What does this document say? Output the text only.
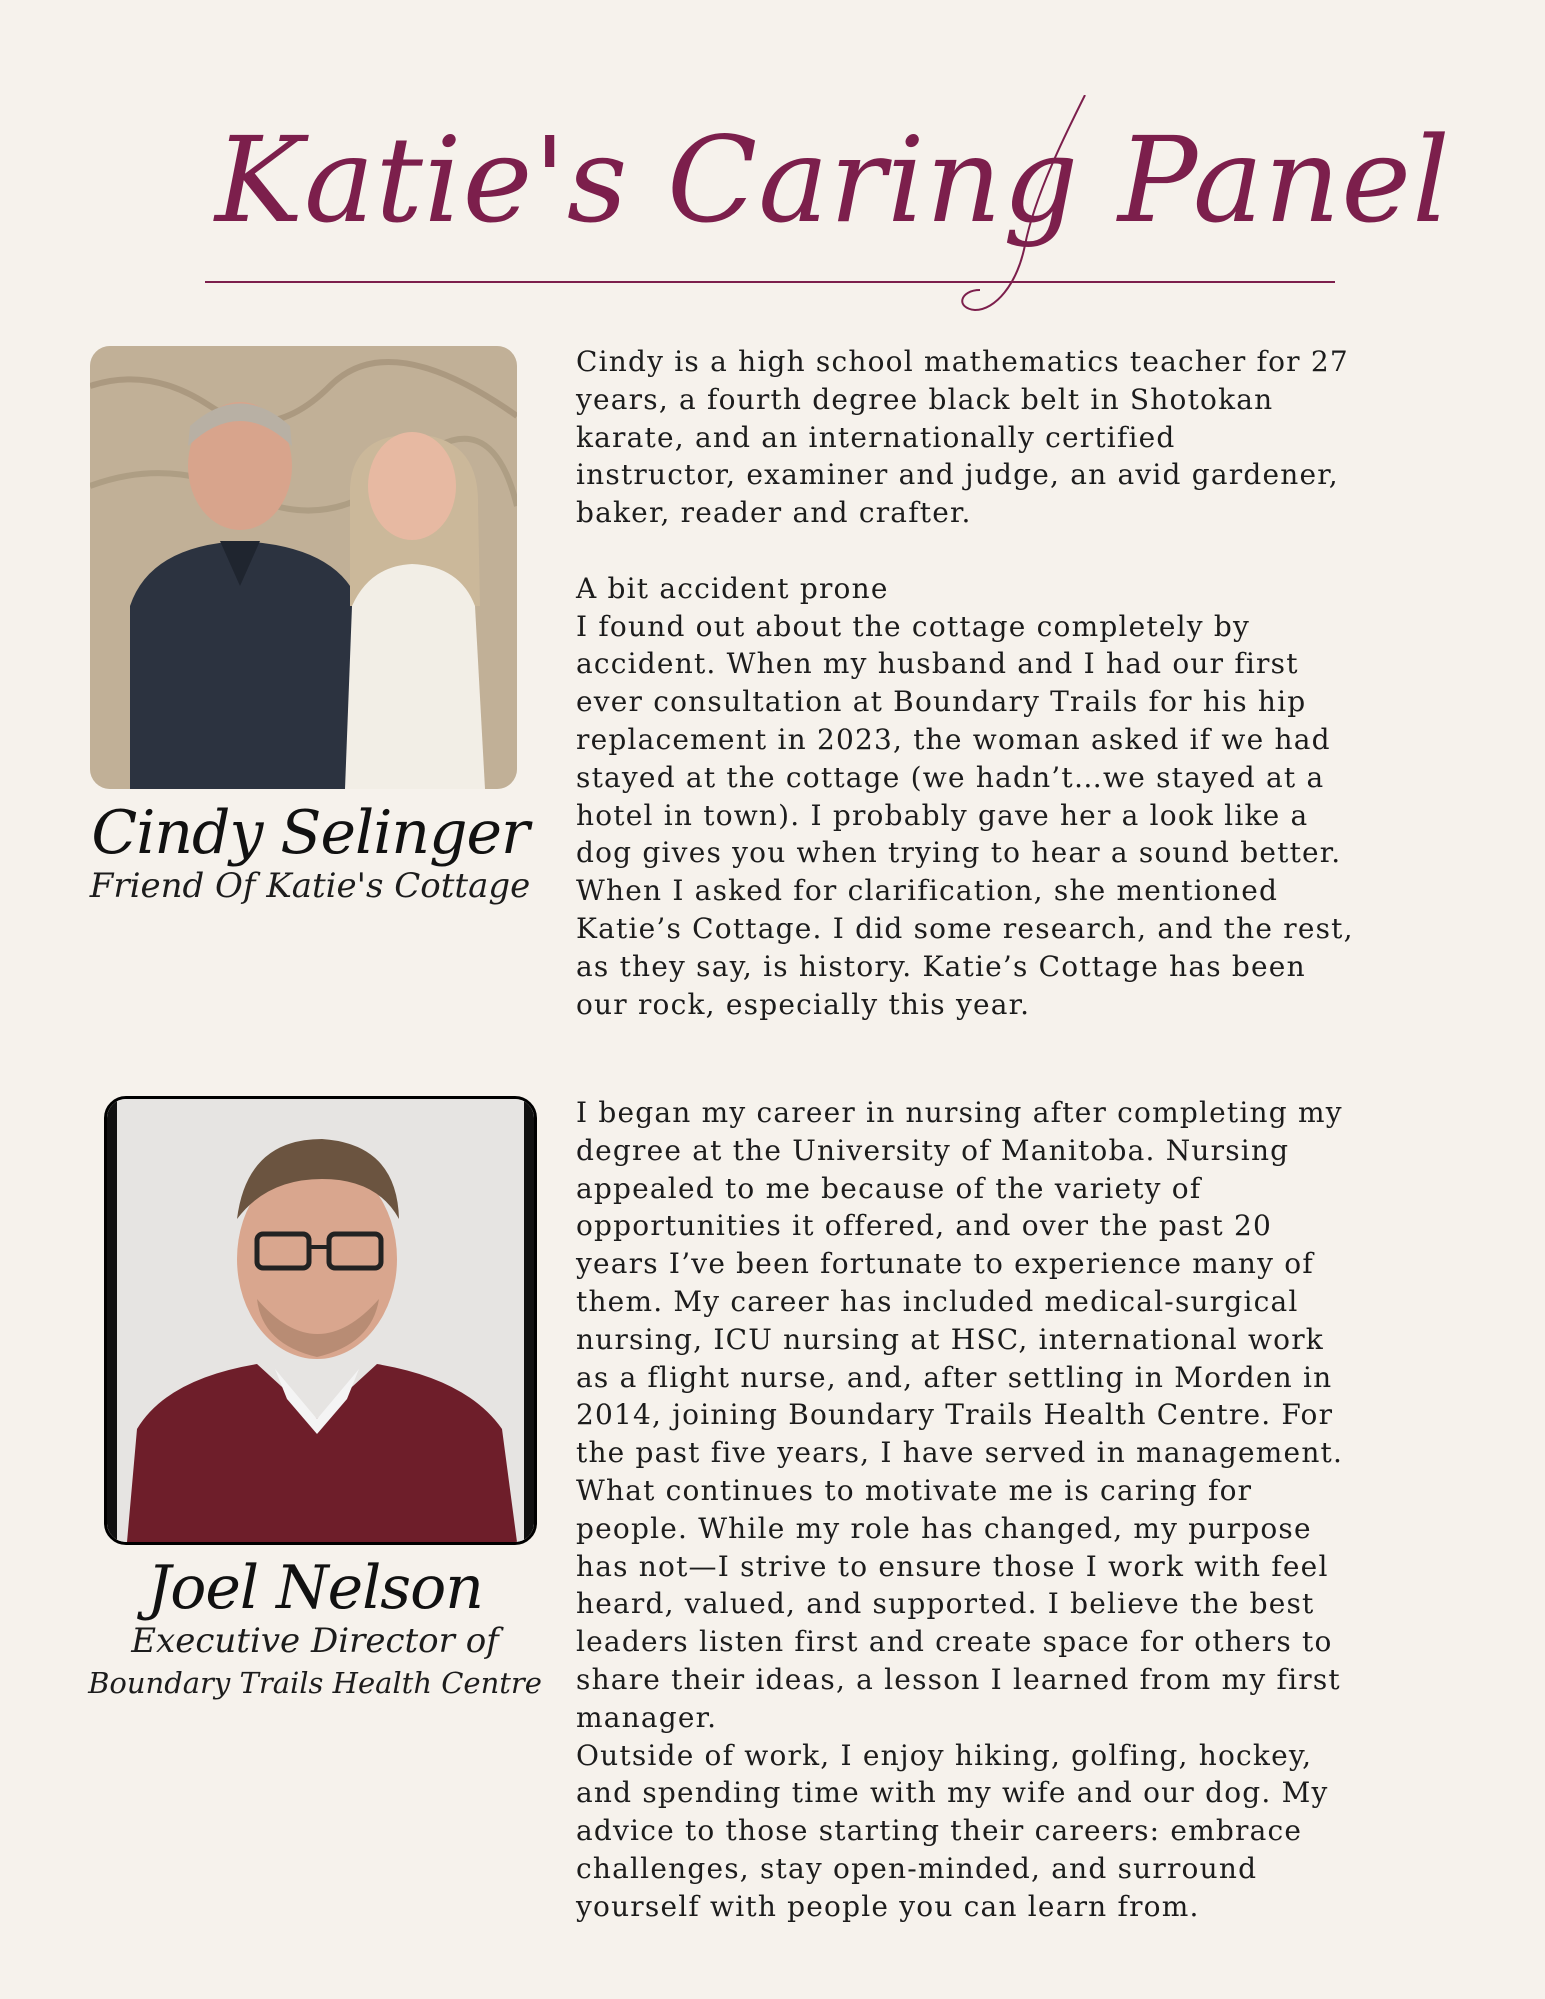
Katie's Caring Panel
Cindy Selinger
Friend Of Katie's Cottage
Cindy is a high school mathematics teacher for 27
years, a fourth degree black belt in Shotokan
karate, and an internationally certified
instructor, examiner and judge, an avid gardener,
baker, reader and crafter.

A bit accident prone
I found out about the cottage completely by
accident. When my husband and I had our first
ever consultation at Boundary Trails for his hip
replacement in 2023, the woman asked if we had
stayed at the cottage (we hadn’t…we stayed at a
hotel in town). I probably gave her a look like a
dog gives you when trying to hear a sound better.
When I asked for clarification, she mentioned
Katie’s Cottage. I did some research, and the rest,
as they say, is history. Katie’s Cottage has been
our rock, especially this year.
Joel Nelson
Executive Director of
Boundary Trails Health Centre
I began my career in nursing after completing my
degree at the University of Manitoba. Nursing
appealed to me because of the variety of
opportunities it offered, and over the past 20
years I’ve been fortunate to experience many of
them. My career has included medical-surgical
nursing, ICU nursing at HSC, international work
as a flight nurse, and, after settling in Morden in
2014, joining Boundary Trails Health Centre. For
the past five years, I have served in management.
What continues to motivate me is caring for
people. While my role has changed, my purpose
has not—I strive to ensure those I work with feel
heard, valued, and supported. I believe the best
leaders listen first and create space for others to
share their ideas, a lesson I learned from my first
manager.
Outside of work, I enjoy hiking, golfing, hockey,
and spending time with my wife and our dog. My
advice to those starting their careers: embrace
challenges, stay open-minded, and surround
yourself with people you can learn from.
